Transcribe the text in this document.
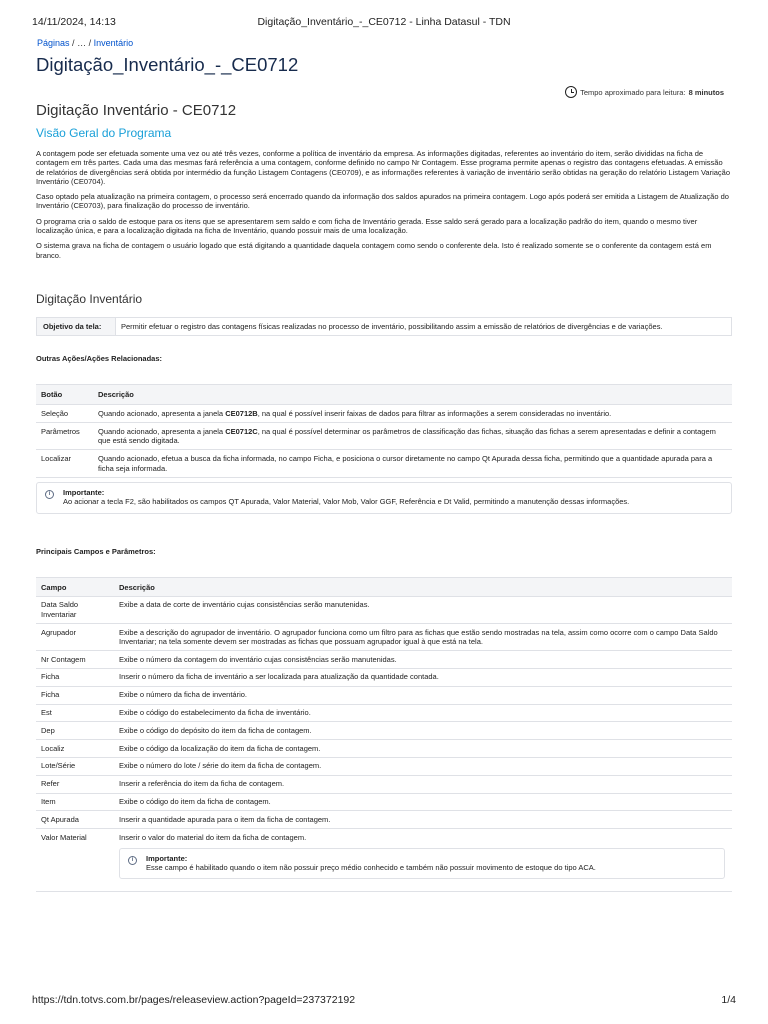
14/11/2024, 14:13	Digitação_Inventário_-_CE0712 - Linha Datasul - TDN
Páginas / … / Inventário
Digitação_Inventário_-_CE0712
Tempo aproximado para leitura: 8 minutos
Digitação Inventário - CE0712
Visão Geral do Programa

A contagem pode ser efetuada somente uma vez ou até três vezes, conforme a política de inventário da empresa. As informações digitadas, referentes ao inventário do item, serão divididas na ficha de contagem em três partes. Cada uma das mesmas fará referência a uma contagem, conforme definido no campo Nr Contagem. Esse programa permite apenas o registro das contagens efetuadas. A emissão de relatórios de divergências será obtida por intermédio da função Listagem Contagens (CE0709), e as informações referentes à variação de inventário serão obtidas na geração do relatório Listagem Variação Inventário (CE0704).

Caso optado pela atualização na primeira contagem, o processo será encerrado quando da informação dos saldos apurados na primeira contagem. Logo após poderá ser emitida a Listagem de Atualização do Inventário (CE0703), para finalização do processo de inventário.

O programa cria o saldo de estoque para os itens que se apresentarem sem saldo e com ficha de Inventário gerada. Esse saldo será gerado para a localização padrão do item, quando o mesmo tiver localização única, e para a localização digitada na ficha de Inventário, quando possuir mais de uma localização.

O sistema grava na ficha de contagem o usuário logado que está digitando a quantidade daquela contagem como sendo o conferente dela. Isto é realizado somente se o conferente da contagem está em branco.

Digitação Inventário
Objetivo da tela:	Permitir efetuar o registro das contagens físicas realizadas no processo de inventário, possibilitando assim a emissão de relatórios de divergências e de variações.

Outras Ações/Ações Relacionadas:

Botão	Descrição
Seleção	Quando acionado, apresenta a janela CE0712B, na qual é possível inserir faixas de dados para filtrar as informações a serem consideradas no inventário.
Parâmetros	Quando acionado, apresenta a janela CE0712C, na qual é possível determinar os parâmetros de classificação das fichas, situação das fichas a serem apresentadas e definir a contagem que está sendo digitada.
Localizar	Quando acionado, efetua a busca da ficha informada, no campo Ficha, e posiciona o cursor diretamente no campo Qt Apurada dessa ficha, permitindo que a quantidade apurada para a ficha seja informada.
i	Importante:
Ao acionar a tecla F2, são habilitados os campos QT Apurada, Valor Material, Valor Mob, Valor GGF, Referência e Dt Valid, permitindo a manutenção dessas informações.

Principais Campos e Parâmetros:

Campo	Descrição
Data Saldo Inventariar	Exibe a data de corte de inventário cujas consistências serão manutenidas.
Agrupador	Exibe a descrição do agrupador de inventário. O agrupador funciona como um filtro para as fichas que estão sendo mostradas na tela, assim como ocorre com o campo Data Saldo Inventariar; na tela somente devem ser mostradas as fichas que possuam agrupador igual à que está na tela.
Nr Contagem	Exibe o número da contagem do inventário cujas consistências serão manutenidas.
Ficha	Inserir o número da ficha de inventário a ser localizada para atualização da quantidade contada.
Ficha	Exibe o número da ficha de inventário.
Est	Exibe o código do estabelecimento da ficha de inventário.
Dep	Exibe o código do depósito do item da ficha de contagem.
Localiz	Exibe o código da localização do item da ficha de contagem.
Lote/Série	Exibe o número do lote / série do item da ficha de contagem.
Refer	Inserir a referência do item da ficha de contagem.
Item	Exibe o código do item da ficha de contagem.
Qt Apurada	Inserir a quantidade apurada para o item da ficha de contagem.
Valor Material	Inserir o valor do material do item da ficha de contagem.
i Importante:
Esse campo é habilitado quando o item não possuir preço médio conhecido e também não possuir movimento de estoque do tipo ACA.
https://tdn.totvs.com.br/pages/releaseview.action?pageId=237372192	1/4
